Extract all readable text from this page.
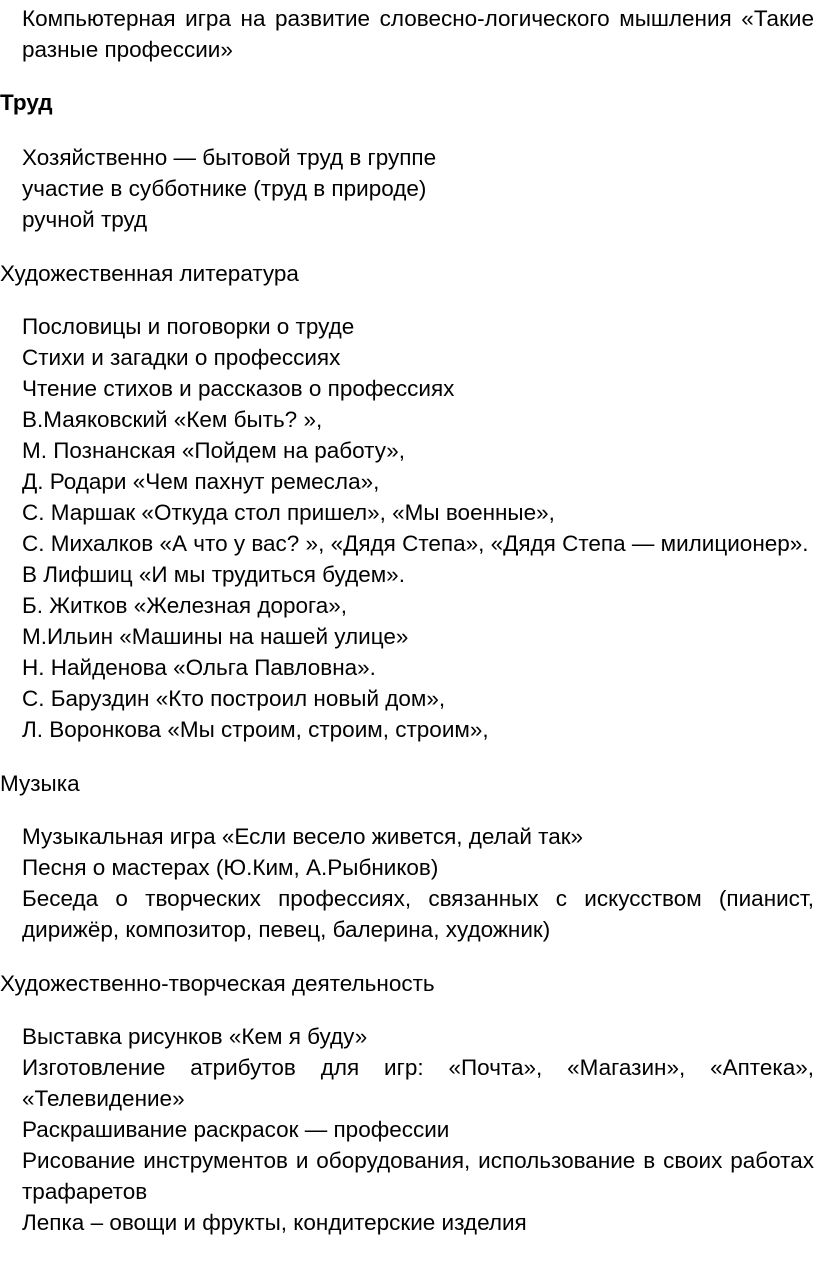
Компьютерная игра на развитие словесно-логического мышления «Такие разные профессии»

Труд

Хозяйственно — бытовой труд в группе

участие в субботнике (труд в природе)

ручной труд

Художественная литература

Пословицы и поговорки о труде

Стихи и загадки о профессиях

Чтение стихов и рассказов о профессиях

В.Маяковский «Кем быть? »,

М. Познанская «Пойдем на работу»,

Д. Родари «Чем пахнут ремесла»,

С. Маршак «Откуда стол пришел», «Мы военные»,

С. Михалков «А что у вас? », «Дядя Степа», «Дядя Степа — милиционер».

В Лифшиц «И мы трудиться будем».

Б. Житков «Железная дорога»,

М.Ильин «Машины на нашей улице»

Н. Найденова «Ольга Павловна».

С. Баруздин «Кто построил новый дом»,

Л. Воронкова «Мы строим, строим, строим»,

Музыка

Музыкальная игра «Если весело живется, делай так»

Песня о мастерах (Ю.Ким, А.Рыбников)

Беседа о творческих профессиях, связанных с искусством (пианист, дирижёр, композитор, певец, балерина, художник)

Художественно-творческая деятельность

Выставка рисунков «Кем я буду»

Изготовление атрибутов для игр: «Почта», «Магазин», «Аптека», «Телевидение»

Раскрашивание раскрасок — профессии

Рисование инструментов и оборудования, использование в своих работах трафаретов

Лепка – овощи и фрукты, кондитерские изделия
